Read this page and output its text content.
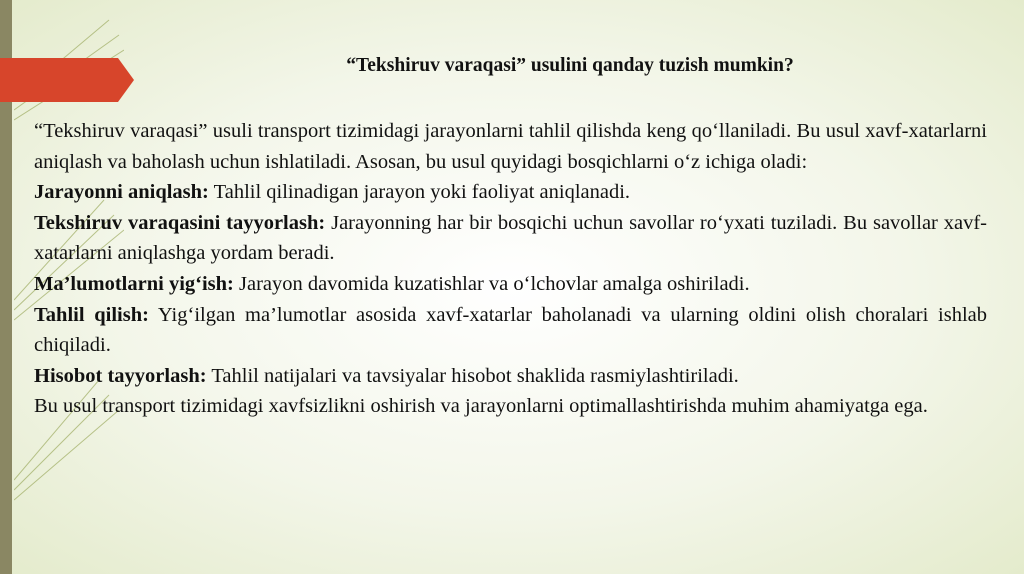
“Tekshiruv varaqasi” usulini qanday tuzish mumkin?

“Tekshiruv varaqasi” usuli transport tizimidagi jarayonlarni tahlil qilishda keng qo‘llaniladi. Bu usul xavf-xatarlarni aniqlash va baholash uchun ishlatiladi. Asosan, bu usul quyidagi bosqichlarni o‘z ichiga oladi:

Jarayonni aniqlash: Tahlil qilinadigan jarayon yoki faoliyat aniqlanadi.

Tekshiruv varaqasini tayyorlash: Jarayonning har bir bosqichi uchun savollar ro‘yxati tuziladi. Bu savollar xavf-xatarlarni aniqlashga yordam beradi.

Ma’lumotlarni yig‘ish: Jarayon davomida kuzatishlar va o‘lchovlar amalga oshiriladi.

Tahlil qilish: Yig‘ilgan ma’lumotlar asosida xavf-xatarlar baholanadi va ularning oldini olish choralari ishlab chiqiladi.

Hisobot tayyorlash: Tahlil natijalari va tavsiyalar hisobot shaklida rasmiylashtiriladi.

Bu usul transport tizimidagi xavfsizlikni oshirish va jarayonlarni optimallashtirishda muhim ahamiyatga ega.
